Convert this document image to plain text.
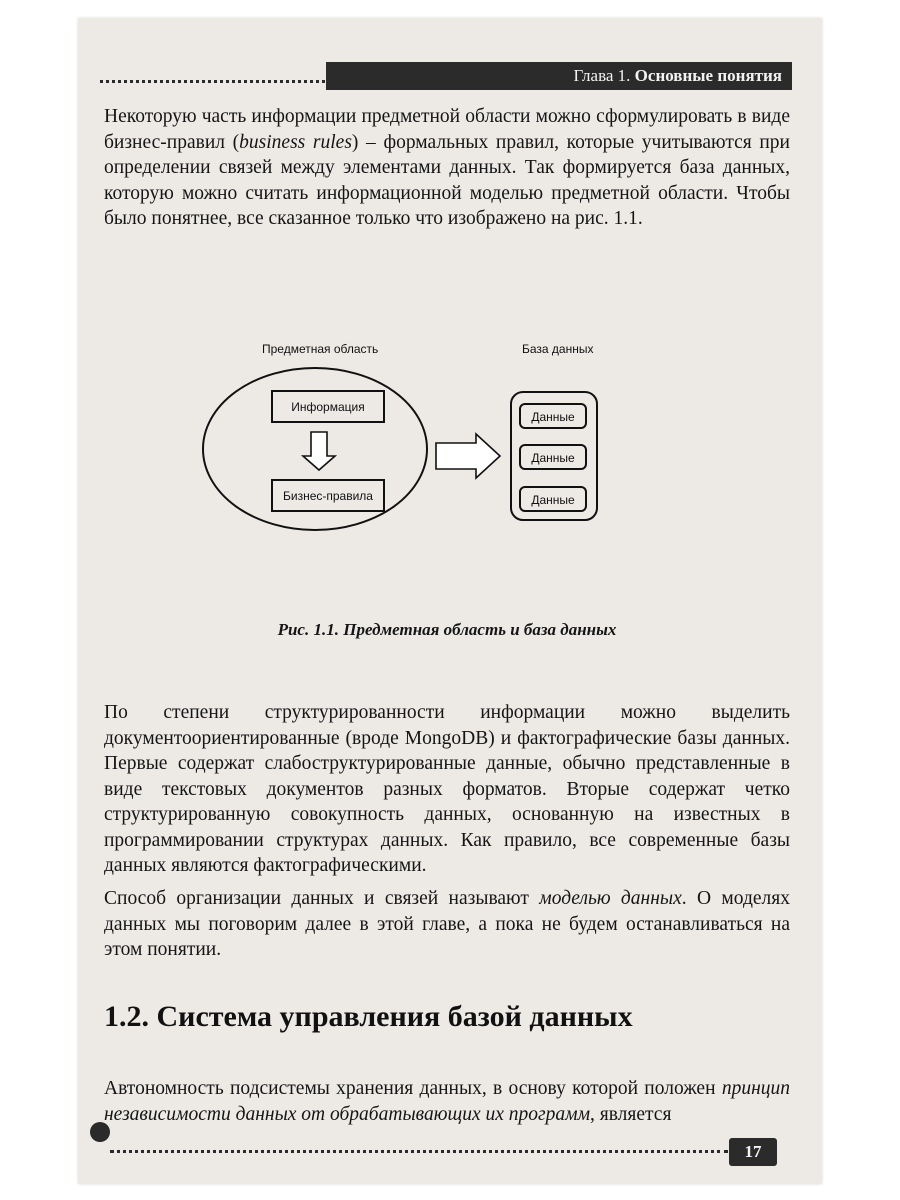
Глава 1. Основные понятия

Некоторую часть информации предметной области можно сформулировать в виде бизнес-правил (business rules) – формальных правил, которые учитываются при определении связей между элементами данных. Так формируется база данных, которую можно считать информационной моделью предметной области. Чтобы было понятнее, все сказанное только что изображено на рис. 1.1.

Предметная область	База данных
Информация
Бизнес-правила
Данные
Данные
Данные

Рис. 1.1. Предметная область и база данных

По степени структурированности информации можно выделить документоориентированные (вроде MongoDB) и фактографические базы данных. Первые содержат слабоструктурированные данные, обычно представленные в виде текстовых документов разных форматов. Вторые содержат четко структурированную совокупность данных, основанную на известных в программировании структурах данных. Как правило, все современные базы данных являются фактографическими.

Способ организации данных и связей называют моделью данных. О моделях данных мы поговорим далее в этой главе, а пока не будем останавливаться на этом понятии.

1.2. Система управления базой данных

Автономность подсистемы хранения данных, в основу которой положен принцип независимости данных от обрабатывающих их программ, является

17
